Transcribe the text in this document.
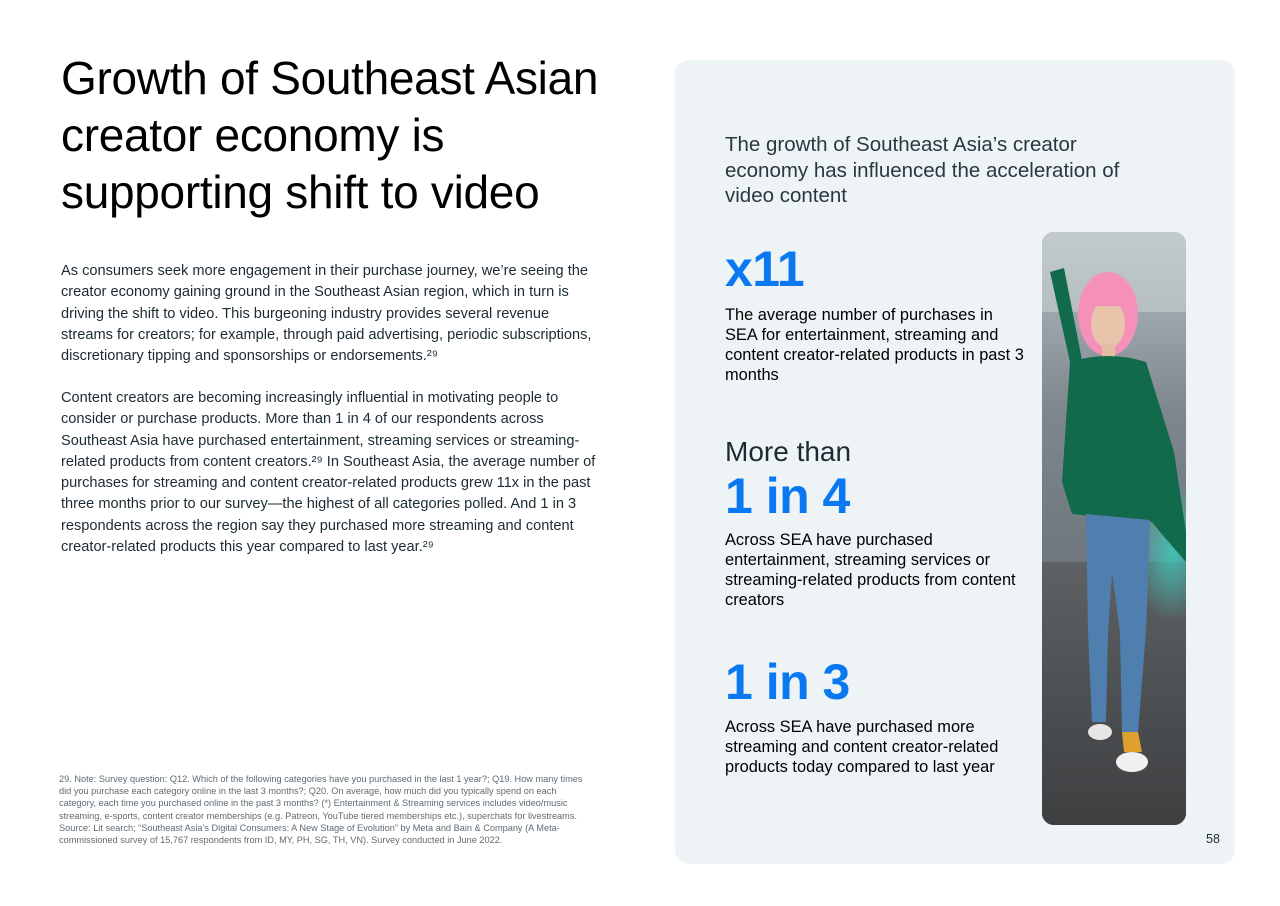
Growth of Southeast Asian creator economy is supporting shift to video

As consumers seek more engagement in their purchase journey, we’re seeing the creator economy gaining ground in the Southeast Asian region, which in turn is driving the shift to video. This burgeoning industry provides several revenue streams for creators; for example, through paid advertising, periodic subscriptions, discretionary tipping and sponsorships or endorsements.²⁹

Content creators are becoming increasingly influential in motivating people to consider or purchase products. More than 1 in 4 of our respondents across Southeast Asia have purchased entertainment, streaming services or streaming-related products from content creators.²⁹ In Southeast Asia, the average number of purchases for streaming and content creator-related products grew 11x in the past three months prior to our survey—the highest of all categories polled. And 1 in 3 respondents across the region say they purchased more streaming and content creator-related products this year compared to last year.²⁹

29. Note: Survey question: Q12. Which of the following categories have you purchased in the last 1 year?; Q19. How many times did you purchase each category online in the last 3 months?; Q20. On average, how much did you typically spend on each category, each time you purchased online in the past 3 months? (*) Entertainment & Streaming services includes video/music streaming, e-sports, content creator memberships (e.g. Patreon, YouTube tiered memberships etc.), superchats for livestreams. Source: Lit search; “Southeast Asia’s Digital Consumers: A New Stage of Evolution” by Meta and Bain & Company (A Meta-commissioned survey of 15,767 respondents from ID, MY, PH, SG, TH, VN). Survey conducted in June 2022.

The growth of Southeast Asia’s creator economy has influenced the acceleration of video content

x11

The average number of purchases in SEA for entertainment, streaming and content creator-related products in past 3 months

More than

1 in 4

Across SEA have purchased entertainment, streaming services or streaming-related products from content creators

1 in 3

Across SEA have purchased more streaming and content creator-related products today compared to last year

58
